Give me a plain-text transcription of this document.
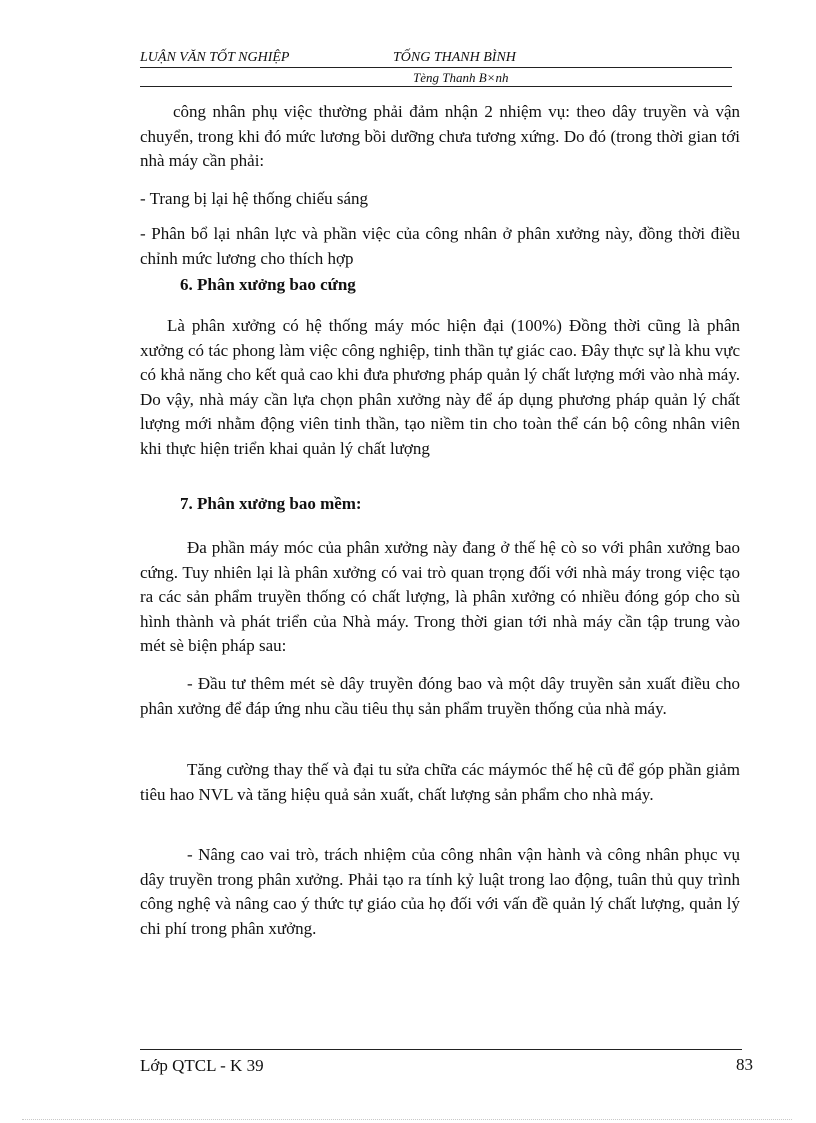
LUẬN VĂN TỐT NGHIỆP	TỐNG THANH BÌNH
Tèng Thanh B×nh

công nhân phụ việc thường phải đảm nhận 2 nhiệm vụ: theo dây truyền và vận chuyển, trong khi đó mức lương bồi dưỡng chưa tương xứng. Do đó (trong thời gian tới nhà máy cần phải:

- Trang bị lại hệ thống chiếu sáng

- Phân bổ lại nhân lực và phần việc của công nhân ở phân xưởng này, đồng thời điều chỉnh mức lương cho thích hợp

6. Phân xưởng bao cứng

Là phân xưởng có hệ thống máy móc hiện đại (100%) Đồng thời cũng là phân xưởng có tác phong làm việc công nghiệp, tinh thần tự giác cao. Đây thực sự là khu vực có khả năng cho kết quả cao khi đưa phương pháp quản lý chất lượng mới vào nhà máy. Do vậy, nhà máy cần lựa chọn phân xưởng này để áp dụng phương pháp quản lý chất lượng mới nhằm động viên tinh thần, tạo niềm tin cho toàn thể cán bộ công nhân viên khi thực hiện triển khai quản lý chất lượng

7. Phân xưởng bao mềm:

Đa phần máy móc của phân xưởng này đang ở thế hệ cò so với phân xưởng bao cứng. Tuy nhiên lại là phân xưởng có vai trò quan trọng đối với nhà máy trong việc tạo ra các sản phẩm truyền thống có chất lượng, là phân xưởng có nhiều đóng góp cho sù hình thành và phát triển của Nhà máy. Trong thời gian tới nhà máy cần tập trung vào mét sè biện pháp sau:

- Đầu tư thêm mét sè dây truyền đóng bao và một dây truyền sản xuất điều cho phân xưởng để đáp ứng nhu cầu tiêu thụ sản phẩm truyền thống của nhà máy.

Tăng cường thay thế và đại tu sửa chữa các máymóc thế hệ cũ để góp phần giảm tiêu hao NVL và tăng hiệu quả sản xuất, chất lượng sản phẩm cho nhà máy.

- Nâng cao vai trò, trách nhiệm của công nhân vận hành và công nhân phục vụ dây truyền trong phân xưởng. Phải tạo ra tính kỷ luật trong lao động, tuân thủ quy trình công nghệ và nâng cao ý thức tự giáo của họ đối với vấn đề quản lý chất lượng, quản lý chi phí trong phân xưởng.

Lớp QTCL - K 39	83
